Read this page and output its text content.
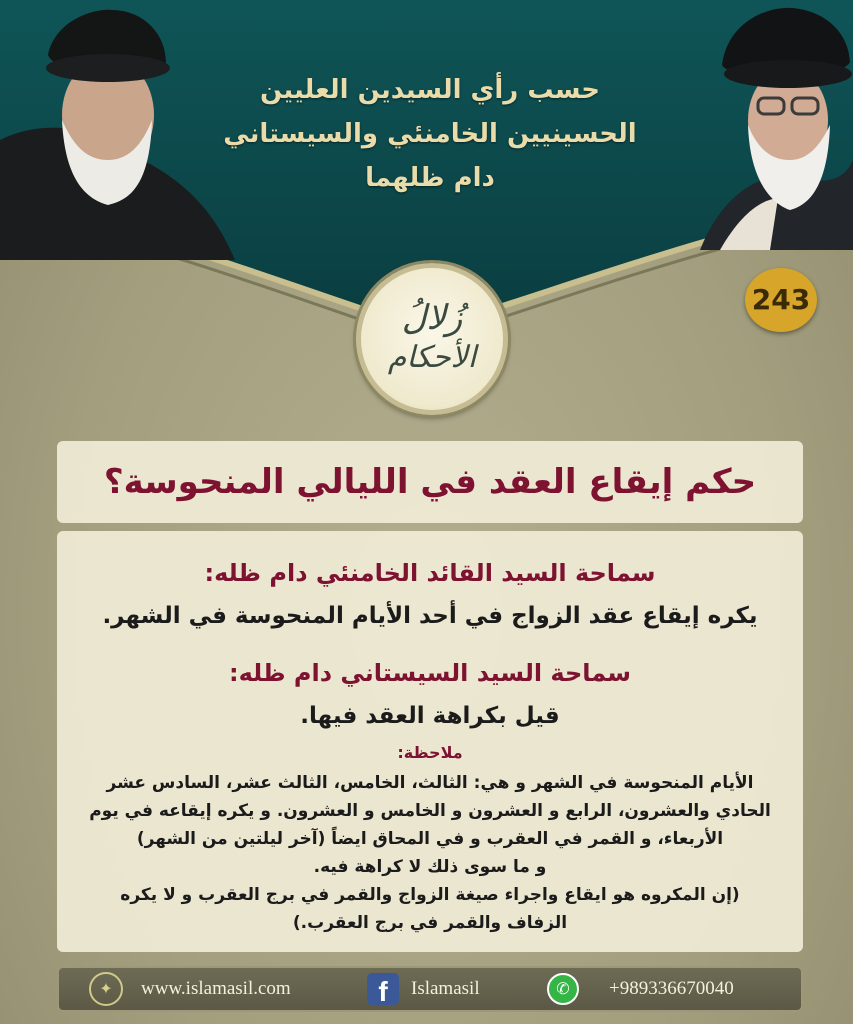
حسب رأي السيدين العليين
الحسينيين الخامنئي والسيستاني
دام ظلهما
243
زُلالُ
الأحكام
حكم إيقاع العقد في الليالي المنحوسة؟
سماحة السيد القائد الخامنئي دام ظله:
يكره إيقاع عقد الزواج في أحد الأيام المنحوسة في الشهر.
سماحة السيد السيستاني دام ظله:
قيل بكراهة العقد فيها.
ملاحظة:
الأيام المنحوسة في الشهر و هي: الثالث، الخامس، الثالث عشر، السادس عشر
الحادي والعشرون، الرابع و العشرون و الخامس و العشرون. و يكره إيقاعه في يوم
الأربعاء، و القمر في العقرب و في المحاق ايضاً (آخر ليلتين من الشهر)
و ما سوى ذلك لا كراهة فيه.
(إن المكروه هو ايقاع واجراء صيغة الزواج والقمر في برج العقرب و لا يكره
الزفاف والقمر في برج العقرب.)
✦	www.islamasil.com	f	Islamasil	✆	+989336670040
